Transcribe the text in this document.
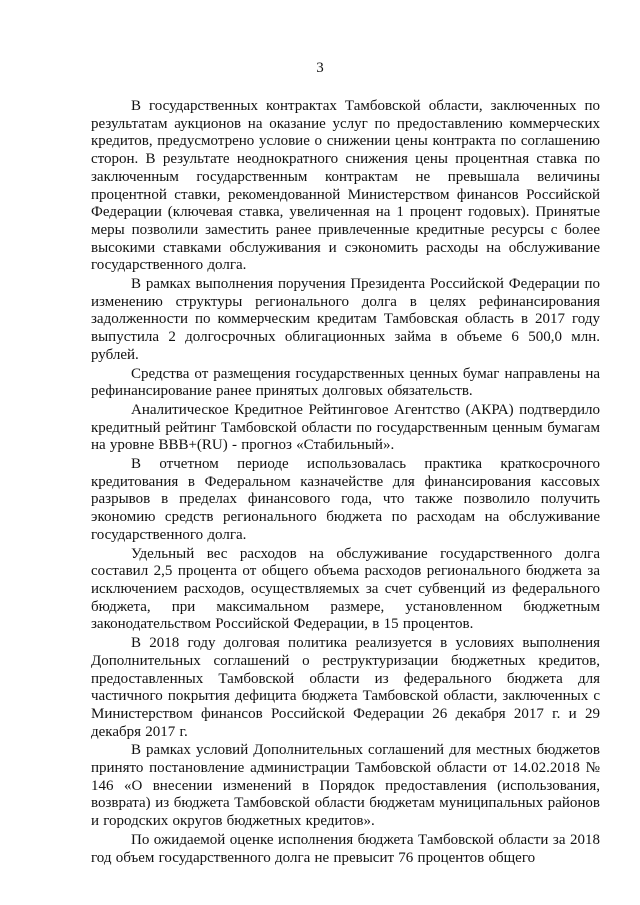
3

В государственных контрактах Тамбовской области, заключенных по результатам аукционов на оказание услуг по предоставлению коммерческих кредитов, предусмотрено условие о снижении цены контракта по соглашению сторон. В результате неоднократного снижения цены процентная ставка по заключенным государственным контрактам не превышала величины процентной ставки, рекомендованной Министерством финансов Российской Федерации (ключевая ставка, увеличенная на 1 процент годовых). Принятые меры позволили заместить ранее привлеченные кредитные ресурсы с более высокими ставками обслуживания и сэкономить расходы на обслуживание государственного долга.

В рамках выполнения поручения Президента Российской Федерации по изменению структуры регионального долга в целях рефинансирования задолженности по коммерческим кредитам Тамбовская область в 2017 году выпустила 2 долгосрочных облигационных займа в объеме 6 500,0 млн. рублей.

Средства от размещения государственных ценных бумаг направлены на рефинансирование ранее принятых долговых обязательств.

Аналитическое Кредитное Рейтинговое Агентство (АКРА) подтвердило кредитный рейтинг Тамбовской области по государственным ценным бумагам на уровне BBB+(RU) - прогноз «Стабильный».

В отчетном периоде использовалась практика краткосрочного кредитования в Федеральном казначействе для финансирования кассовых разрывов в пределах финансового года, что также позволило получить экономию средств регионального бюджета по расходам на обслуживание государственного долга.

Удельный вес расходов на обслуживание государственного долга составил 2,5 процента от общего объема расходов регионального бюджета за исключением расходов, осуществляемых за счет субвенций из федерального бюджета, при максимальном размере, установленном бюджетным законодательством Российской Федерации, в 15 процентов.

В 2018 году долговая политика реализуется в условиях выполнения Дополнительных соглашений о реструктуризации бюджетных кредитов, предоставленных Тамбовской области из федерального бюджета для частичного покрытия дефицита бюджета Тамбовской области, заключенных с Министерством финансов Российской Федерации 26 декабря 2017 г. и 29 декабря 2017 г.

В рамках условий Дополнительных соглашений для местных бюджетов принято постановление администрации Тамбовской области от 14.02.2018 № 146 «О внесении изменений в Порядок предоставления (использования, возврата) из бюджета Тамбовской области бюджетам муниципальных районов и городских округов бюджетных кредитов».

По ожидаемой оценке исполнения бюджета Тамбовской области за 2018 год объем государственного долга не превысит 76 процентов общего
